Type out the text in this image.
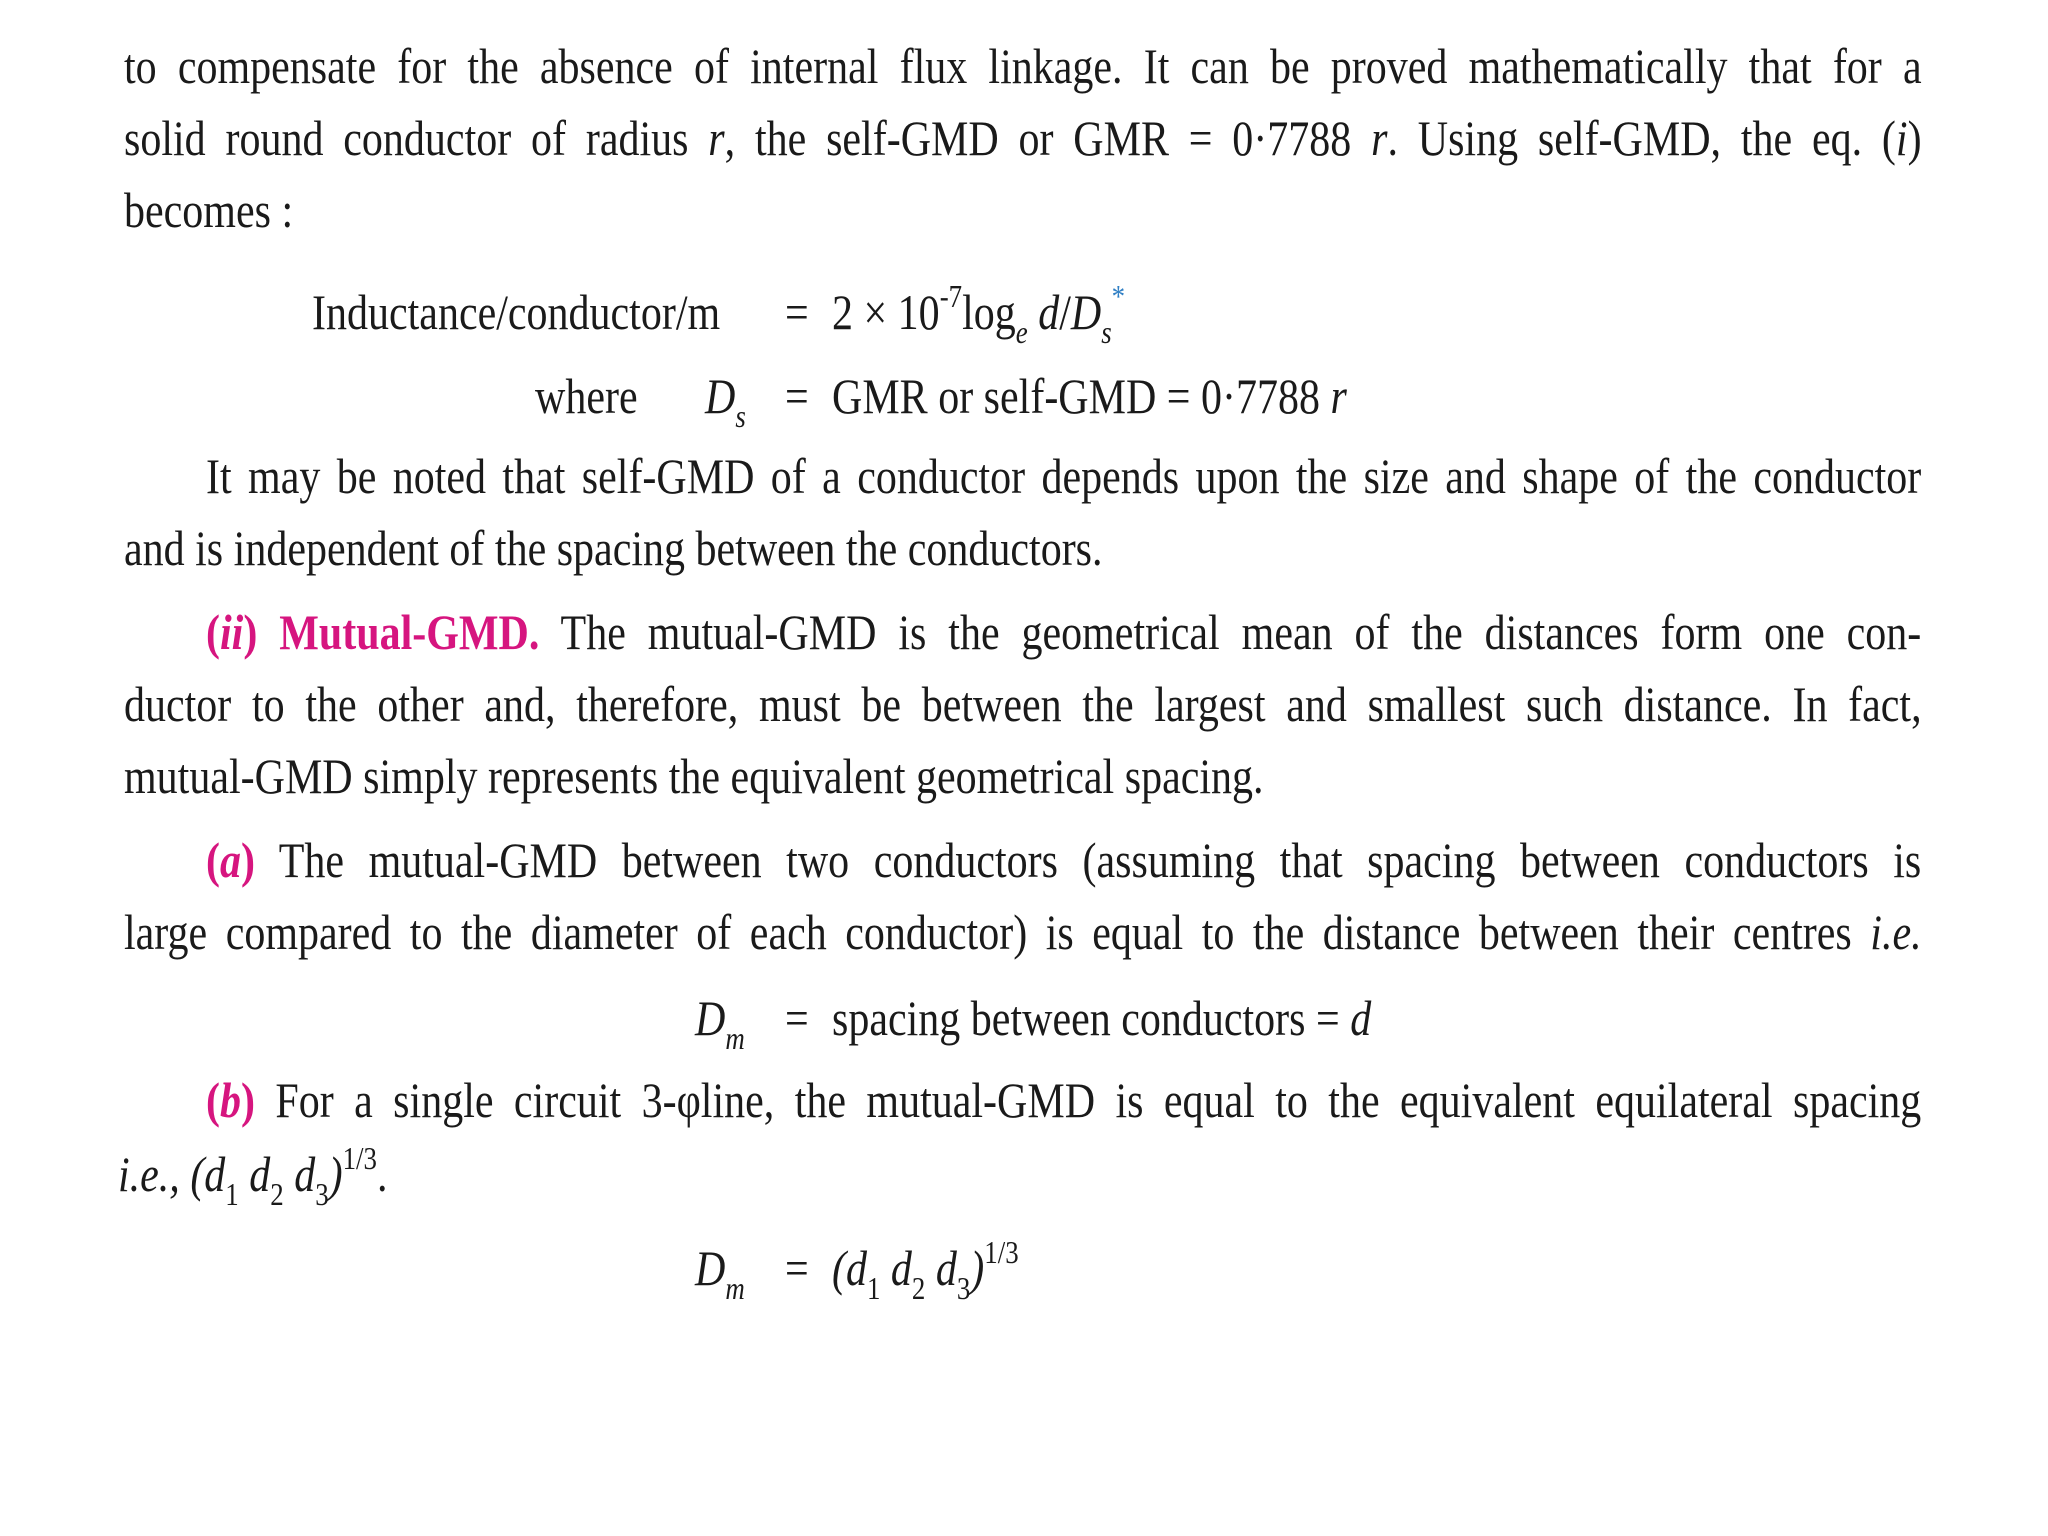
to compensate for the absence of internal flux linkage. It can be proved mathematically that for a
solid round conductor of radius r, the self-GMD or GMR = 0·7788 r. Using self-GMD, the eq. (i)
becomes :
Inductance/conductor/m = $2 \times 10^{-7}\log_e$ $d/D_s^*$
where $D_s$ = GMR or self-GMD = 0·7788 r
It may be noted that self-GMD of a conductor depends upon the size and shape of the conductor
and is independent of the spacing between the conductors.
(ii) Mutual-GMD. The mutual-GMD is the geometrical mean of the distances form one con-
ductor to the other and, therefore, must be between the largest and smallest such distance. In fact,
mutual-GMD simply represents the equivalent geometrical spacing.
(a) The mutual-GMD between two conductors (assuming that spacing between conductors is
large compared to the diameter of each conductor) is equal to the distance between their centres i.e.
$D_m$ = spacing between conductors = d
(b) For a single circuit 3-φline, the mutual-GMD is equal to the equivalent equilateral spacing
i.e., ($d_1$ $d_2$ $d_3)^{1/3}$.
$D_m = (d_1$ $d_2$ $d_3)^{1/3}$
